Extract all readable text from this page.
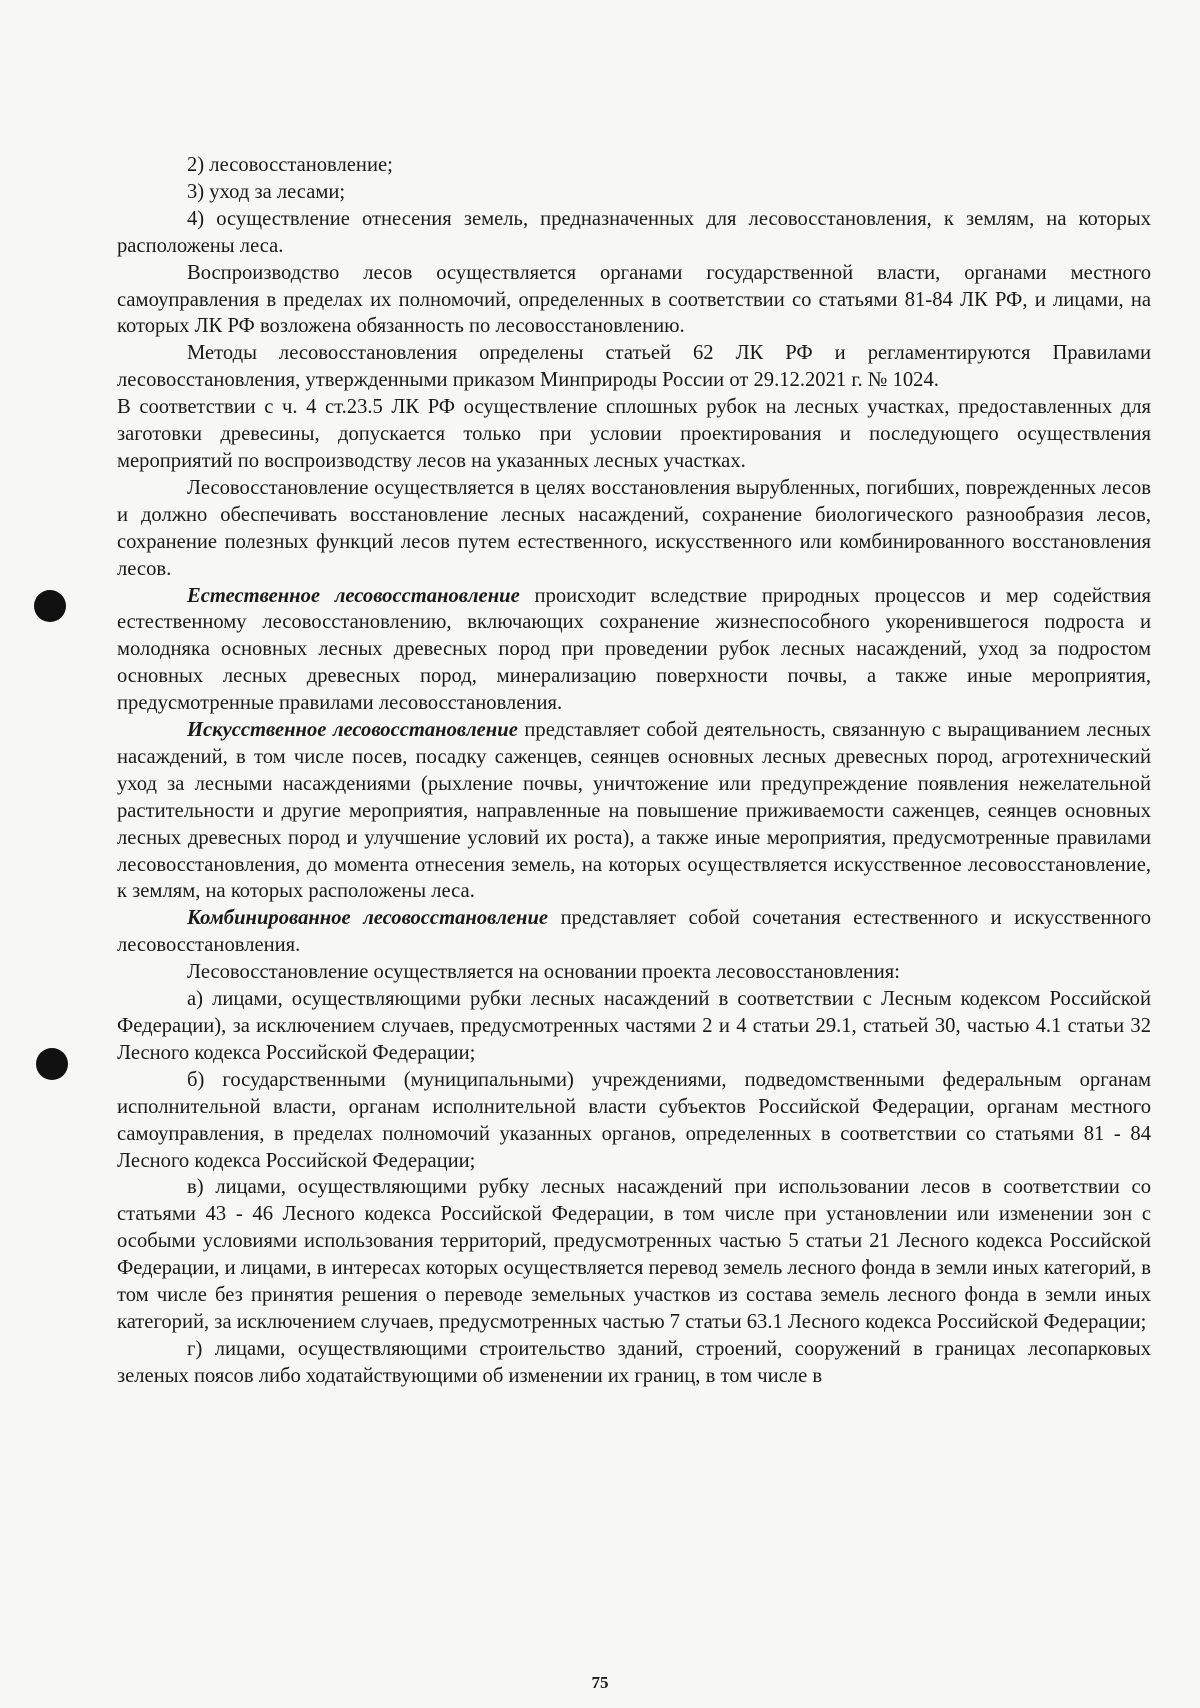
2) лесовосстановление;

3) уход за лесами;

4) осуществление отнесения земель, предназначенных для лесовосстановления, к землям, на которых расположены леса.

Воспроизводство лесов осуществляется органами государственной власти, органами местного самоуправления в пределах их полномочий, определенных в соответствии со статьями 81-84 ЛК РФ, и лицами, на которых ЛК РФ возложена обязанность по лесовосстановлению.

Методы лесовосстановления определены статьей 62 ЛК РФ и регламентируются Правилами лесовосстановления, утвержденными приказом Минприроды России от 29.12.2021 г. № 1024.

В соответствии с ч. 4 ст.23.5 ЛК РФ осуществление сплошных рубок на лесных участках, предоставленных для заготовки древесины, допускается только при условии проектирования и последующего осуществления мероприятий по воспроизводству лесов на указанных лесных участках.

Лесовосстановление осуществляется в целях восстановления вырубленных, погибших, поврежденных лесов и должно обеспечивать восстановление лесных насаждений, сохранение биологического разнообразия лесов, сохранение полезных функций лесов путем естественного, искусственного или комбинированного восстановления лесов.

Естественное лесовосстановление происходит вследствие природных процессов и мер содействия естественному лесовосстановлению, включающих сохранение жизнеспособного укоренившегося подроста и молодняка основных лесных древесных пород при проведении рубок лесных насаждений, уход за подростом основных лесных древесных пород, минерализацию поверхности почвы, а также иные мероприятия, предусмотренные правилами лесовосстановления.

Искусственное лесовосстановление представляет собой деятельность, связанную с выращиванием лесных насаждений, в том числе посев, посадку саженцев, сеянцев основных лесных древесных пород, агротехнический уход за лесными насаждениями (рыхление почвы, уничтожение или предупреждение появления нежелательной растительности и другие мероприятия, направленные на повышение приживаемости саженцев, сеянцев основных лесных древесных пород и улучшение условий их роста), а также иные мероприятия, предусмотренные правилами лесовосстановления, до момента отнесения земель, на которых осуществляется искусственное лесовосстановление, к землям, на которых расположены леса.

Комбинированное лесовосстановление представляет собой сочетания естественного и искусственного лесовосстановления.

Лесовосстановление осуществляется на основании проекта лесовосстановления:

а) лицами, осуществляющими рубки лесных насаждений в соответствии с Лесным кодексом Российской Федерации), за исключением случаев, предусмотренных частями 2 и 4 статьи 29.1, статьей 30, частью 4.1 статьи 32 Лесного кодекса Российской Федерации;

б) государственными (муниципальными) учреждениями, подведомственными федеральным органам исполнительной власти, органам исполнительной власти субъектов Российской Федерации, органам местного самоуправления, в пределах полномочий указанных органов, определенных в соответствии со статьями 81 - 84 Лесного кодекса Российской Федерации;

в) лицами, осуществляющими рубку лесных насаждений при использовании лесов в соответствии со статьями 43 - 46 Лесного кодекса Российской Федерации, в том числе при установлении или изменении зон с особыми условиями использования территорий, предусмотренных частью 5 статьи 21 Лесного кодекса Российской Федерации, и лицами, в интересах которых осуществляется перевод земель лесного фонда в земли иных категорий, в том числе без принятия решения о переводе земельных участков из состава земель лесного фонда в земли иных категорий, за исключением случаев, предусмотренных частью 7 статьи 63.1 Лесного кодекса Российской Федерации;

г) лицами, осуществляющими строительство зданий, строений, сооружений в границах лесопарковых зеленых поясов либо ходатайствующими об изменении их границ, в том числе в

75
